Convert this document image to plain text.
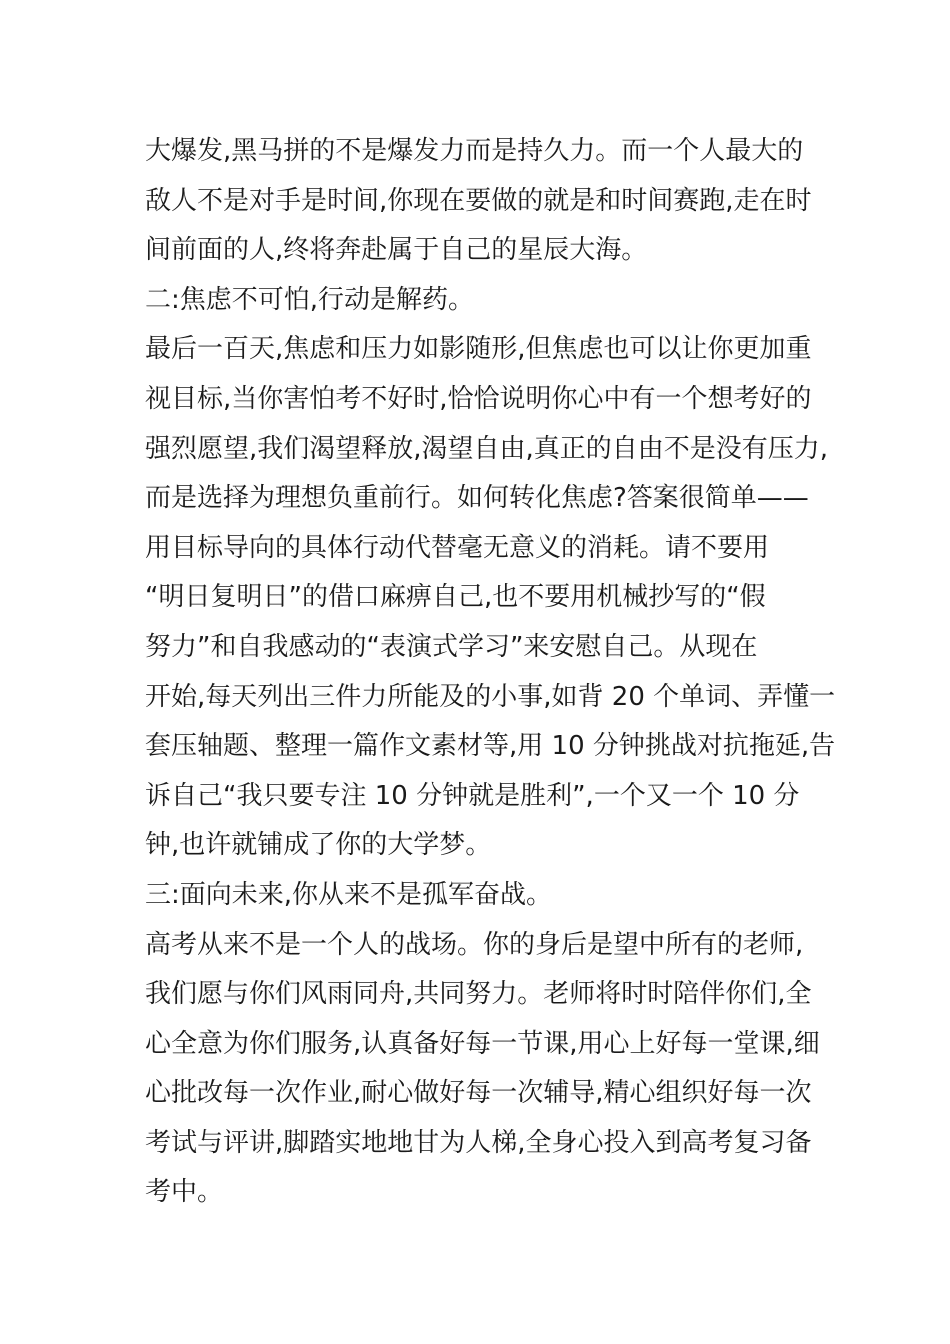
大爆发,黑马拼的不是爆发力而是持久力。而一个人最大的
敌人不是对手是时间,你现在要做的就是和时间赛跑,走在时
间前面的人,终将奔赴属于自己的星辰大海。
二:焦虑不可怕,行动是解药。
最后一百天,焦虑和压力如影随形,但焦虑也可以让你更加重
视目标,当你害怕考不好时,恰恰说明你心中有一个想考好的
强烈愿望,我们渴望释放,渴望自由,真正的自由不是没有压力,
而是选择为理想负重前行。如何转化焦虑?答案很简单——
用目标导向的具体行动代替毫无意义的消耗。请不要用
“明日复明日”的借口麻痹自己,也不要用机械抄写的“假
努力”和自我感动的“表演式学习”来安慰自己。从现在
开始,每天列出三件力所能及的小事,如背 20 个单词、弄懂一
套压轴题、整理一篇作文素材等,用 10 分钟挑战对抗拖延,告
诉自己“我只要专注 10 分钟就是胜利”,一个又一个 10 分
钟,也许就铺成了你的大学梦。
三:面向未来,你从来不是孤军奋战。
高考从来不是一个人的战场。你的身后是望中所有的老师,
我们愿与你们风雨同舟,共同努力。老师将时时陪伴你们,全
心全意为你们服务,认真备好每一节课,用心上好每一堂课,细
心批改每一次作业,耐心做好每一次辅导,精心组织好每一次
考试与评讲,脚踏实地地甘为人梯,全身心投入到高考复习备
考中。
